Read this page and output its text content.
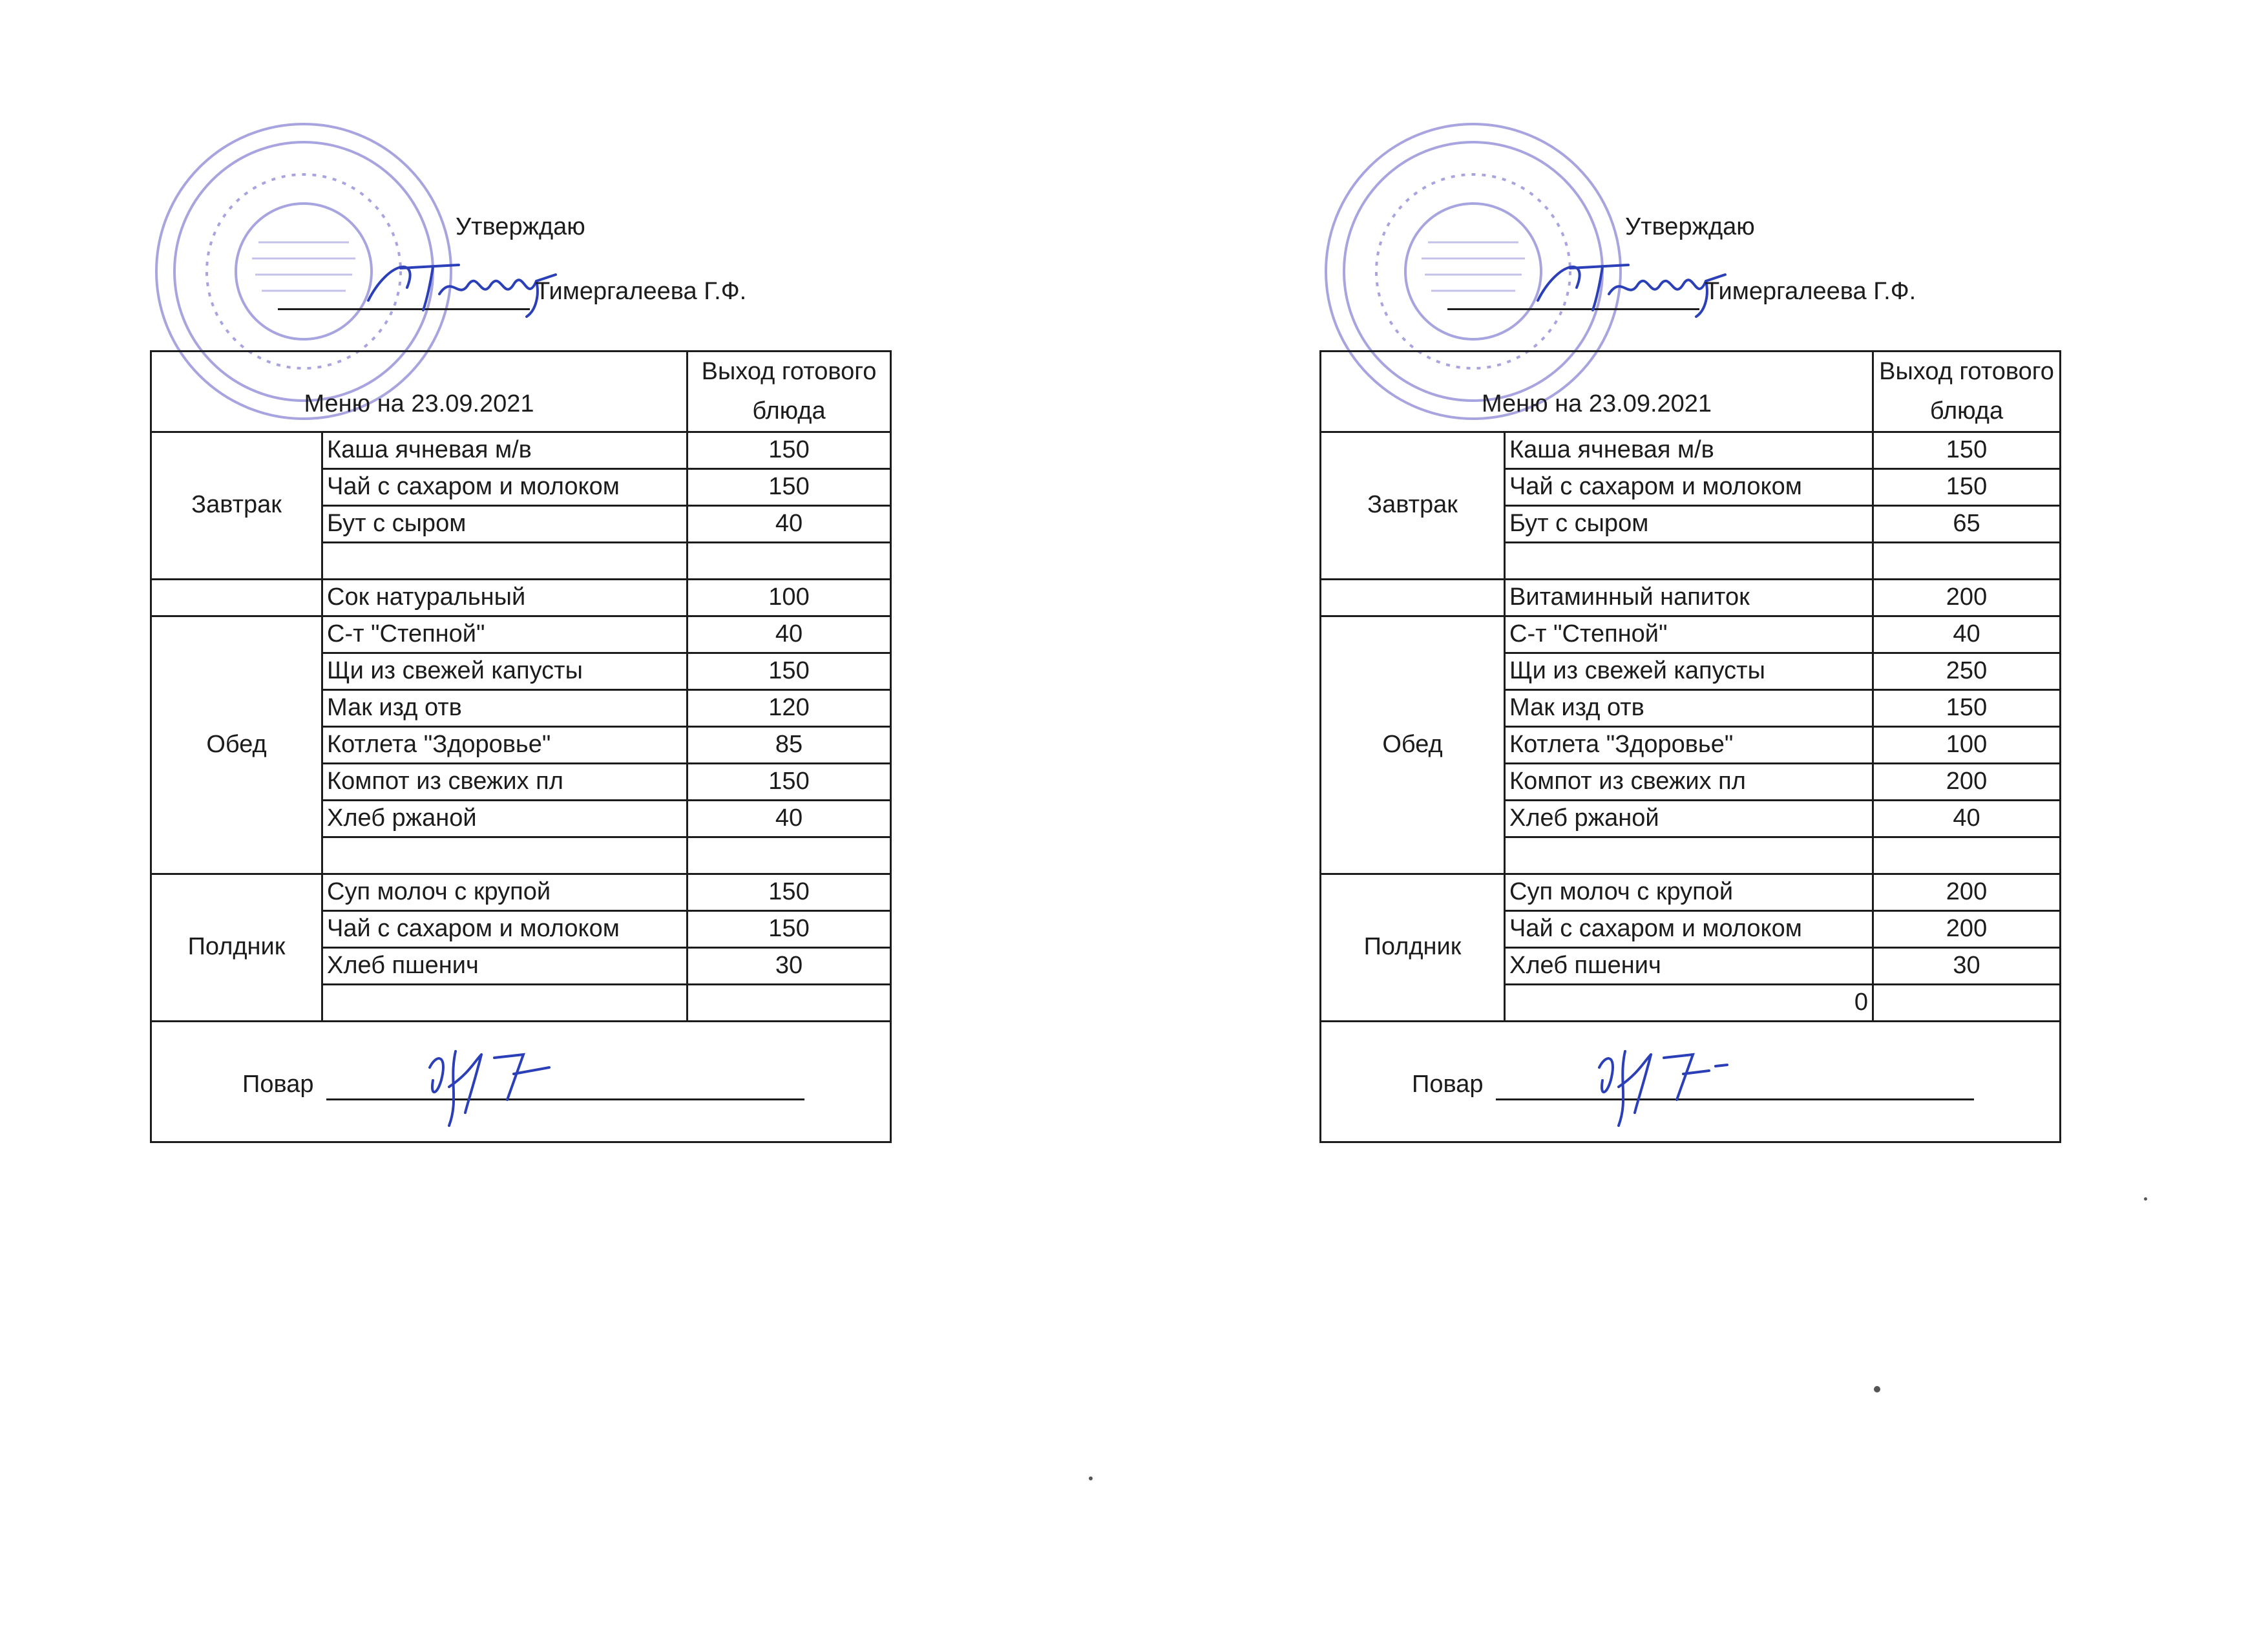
Утверждаю
Тимергалеева Г.Ф.
Меню на 23.09.2021		Выход готового блюда
Завтрак	Каша ячневая м/в	150
	Чай с сахаром и молоком	150
	Бут с сыром	40

	Сок натуральный	100
Обед	С-т "Степной"	40
	Щи из свежей капусты	150
	Мак изд отв	120
	Котлета "Здоровье"	85
	Компот из свежих пл	150
	Хлеб ржаной	40

Полдник	Суп молоч с крупой	150
	Чай с сахаром и молоком	150
	Хлеб пшенич	30

Повар		
Утверждаю
Тимергалеева Г.Ф.
Меню на 23.09.2021		Выход готового блюда
Завтрак	Каша ячневая м/в	150
	Чай с сахаром и молоком	150
	Бут с сыром	65

	Витаминный напиток	200
Обед	С-т "Степной"	40
	Щи из свежей капусты	250
	Мак изд отв	150
	Котлета "Здоровье"	100
	Компот из свежих пл	200
	Хлеб ржаной	40

Полдник	Суп молоч с крупой	200
	Чай с сахаром и молоком	200
	Хлеб пшенич	30
	0	

Повар		
